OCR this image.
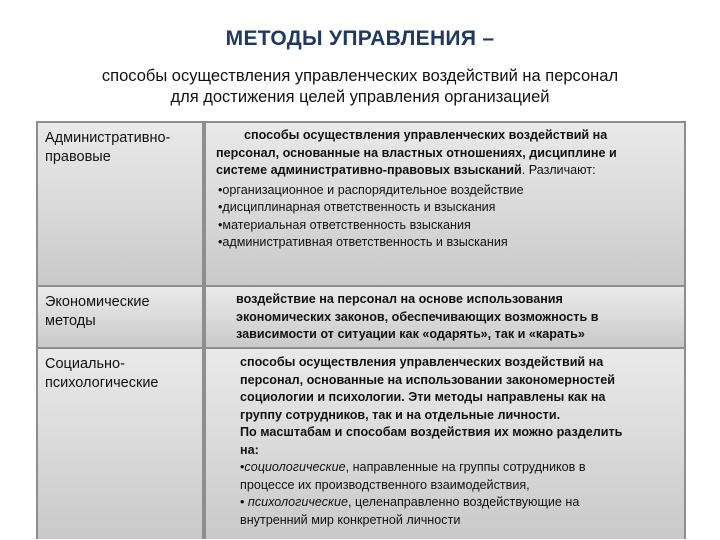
МЕТОДЫ УПРАВЛЕНИЯ –
способы осуществления управленческих воздействий на персонал
для достижения целей управления организацией
Административно-
правовые
способы осуществления управленческих воздействий на
персонал, основанные на властных отношениях, дисциплине и
системе административно-правовых взысканий. Различают:
•организационное и распорядительное воздействие
•дисциплинарная ответственность и взыскания
•материальная ответственность взыскания
•административная ответственность и взыскания
Экономические
методы
воздействие на персонал на основе использования
экономических законов, обеспечивающих возможность в
зависимости от ситуации как «одарять», так и «карать»
Социально-
психологические
способы осуществления управленческих воздействий на
персонал, основанные на использовании закономерностей
социологии и психологии. Эти методы направлены как на
группу сотрудников, так и на отдельные личности.
По масштабам и способам воздействия их можно разделить
на:
•социологические, направленные на группы сотрудников в
процессе их производственного взаимодействия,
• психологические, целенаправленно воздействующие на
внутренний мир конкретной личности
